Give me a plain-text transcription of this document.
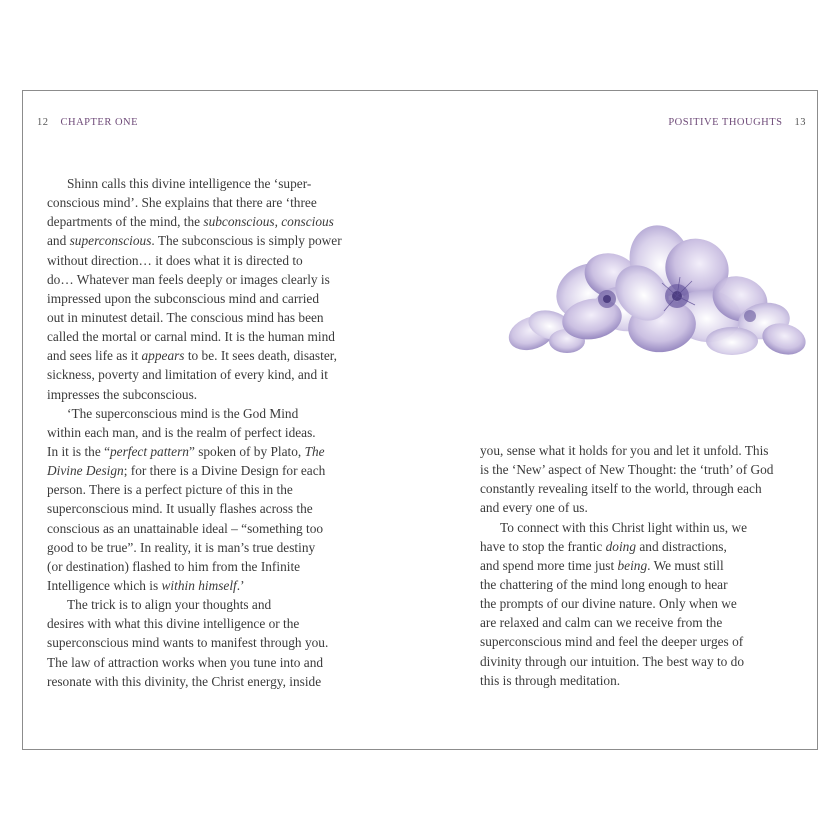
12 CHAPTER ONE	POSITIVE THOUGHTS 13
Shinn calls this divine intelligence the ‘super-
conscious mind’. She explains that there are ‘three
departments of the mind, the subconscious, conscious
and superconscious. The subconscious is simply power
without direction… it does what it is directed to
do… Whatever man feels deeply or images clearly is
impressed upon the subconscious mind and carried
out in minutest detail. The conscious mind has been
called the mortal or carnal mind. It is the human mind
and sees life as it appears to be. It sees death, disaster,
sickness, poverty and limitation of every kind, and it
impresses the subconscious.
‘The superconscious mind is the God Mind
within each man, and is the realm of perfect ideas.
In it is the “perfect pattern” spoken of by Plato, The
Divine Design; for there is a Divine Design for each
person. There is a perfect picture of this in the
superconscious mind. It usually flashes across the
conscious as an unattainable ideal – “something too
good to be true”. In reality, it is man’s true destiny
(or destination) flashed to him from the Infinite
Intelligence which is within himself.’
The trick is to align your thoughts and
desires with what this divine intelligence or the
superconscious mind wants to manifest through you.
The law of attraction works when you tune into and
resonate with this divinity, the Christ energy, inside
you, sense what it holds for you and let it unfold. This
is the ‘New’ aspect of New Thought: the ‘truth’ of God
constantly revealing itself to the world, through each
and every one of us.
To connect with this Christ light within us, we
have to stop the frantic doing and distractions,
and spend more time just being. We must still
the chattering of the mind long enough to hear
the prompts of our divine nature. Only when we
are relaxed and calm can we receive from the
superconscious mind and feel the deeper urges of
divinity through our intuition. The best way to do
this is through meditation.
